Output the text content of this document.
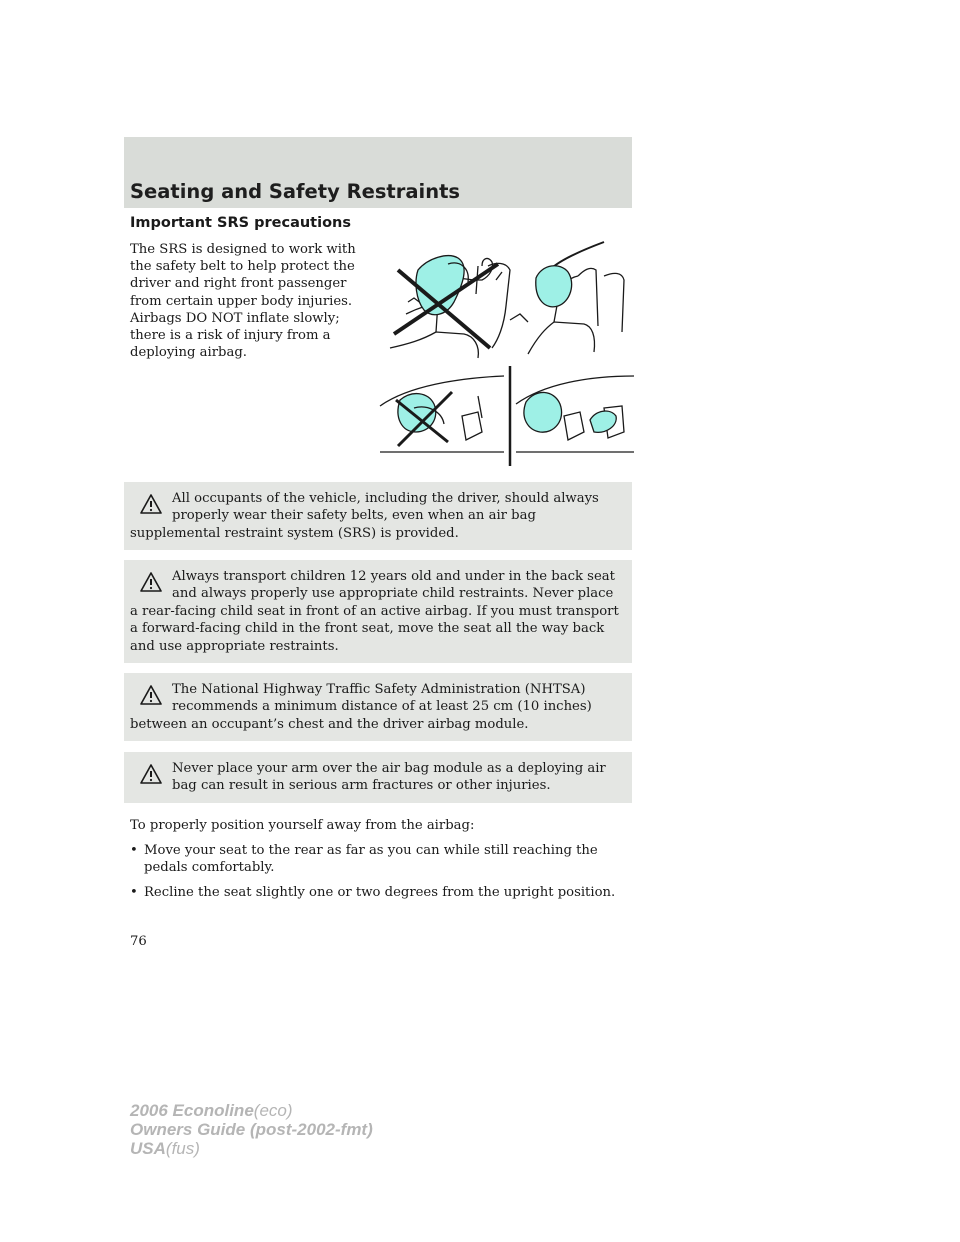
Seating and Safety Restraints
Important SRS precautions
The SRS is designed to work with the safety belt to help protect the driver and right front passenger from certain upper body injuries. Airbags DO NOT inflate slowly; there is a risk of injury from a deploying airbag.
All occupants of the vehicle, including the driver, should always properly wear their safety belts, even when an air bag supplemental restraint system (SRS) is provided.
Always transport children 12 years old and under in the back seat and always properly use appropriate child restraints. Never place a rear-facing child seat in front of an active airbag. If you must transport a forward-facing child in the front seat, move the seat all the way back and use appropriate restraints.
The National Highway Traffic Safety Administration (NHTSA) recommends a minimum distance of at least 25 cm (10 inches) between an occupant’s chest and the driver airbag module.
Never place your arm over the air bag module as a deploying air bag can result in serious arm fractures or other injuries.
To properly position yourself away from the airbag:
• Move your seat to the rear as far as you can while still reaching the pedals comfortably.
• Recline the seat slightly one or two degrees from the upright position.
76
2006 Econoline(eco)
Owners Guide (post-2002-fmt)
USA(fus)
